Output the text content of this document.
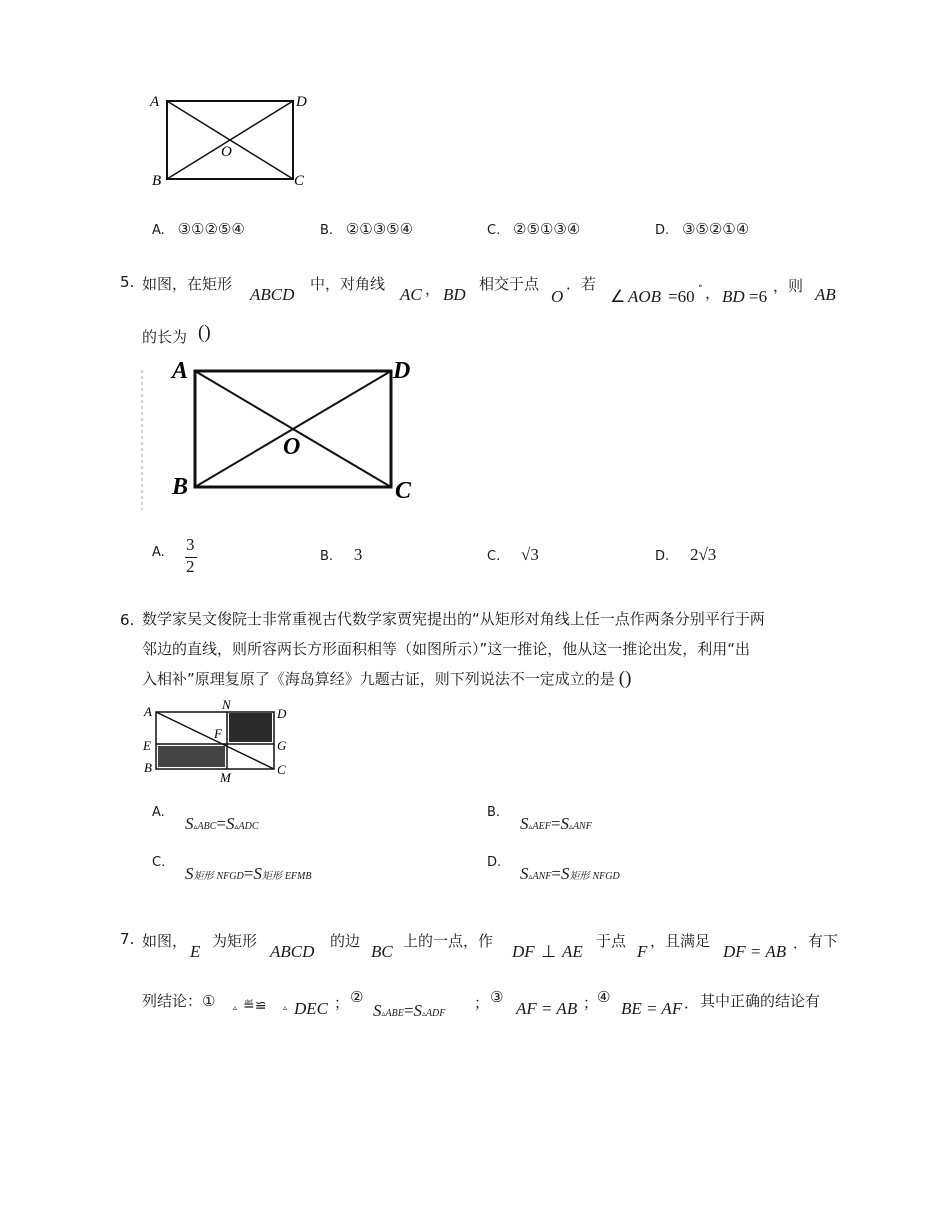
A	D
B	C
O
A. ③①②⑤④	B. ②①③⑤④	C. ②⑤①③④	D. ③⑤②①④
5. 如图，在矩形
ABCD
中，对角线
AC ， BD
相交于点
O
．若
∠ AOB =60 ° ， BD =6
，则 AB
的长为 ()
A	D
B	C
O
A. 3
2
B. 3	C. √3	D. 2√3
6. 数学家吴文俊院士非常重视古代数学家贾宪提出的“从矩形对角线上任一点作两条分别平行于两
邻边的直线，则所容两长方形面积相等（如图所示）”这一推论，他从这一推论出发，利用“出
入相补”原理复原了《海岛算经》九题古证，则下列说法不一定成立的是 ()
A	N
D
E
F
G
B
M
C
A.
S▵ABC=S▵ADC
B.
S▵AEF=S▵ANF
C.
S矩形 NFGD=S矩形 EFMB
D.
S▵ANF=S矩形 NFGD
7. 如图，
E
为矩形
ABCD
的边
BC
上的一点，作
DF ⊥ AE
于点
F
，且满足
DF = AB ． 有下
列结论：① ▵ ≝≌ ▵ DEC ； ②
S▵ABE=S▵ADF
； ③
AF = AB ；
④
BE = AF ． 其中正确的结论有
